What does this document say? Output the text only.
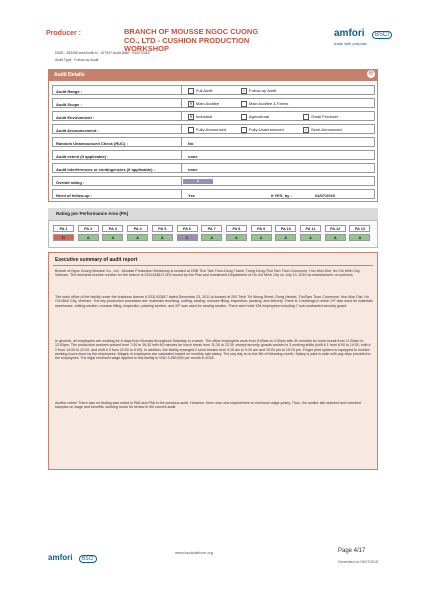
Producer :	BRANCH OF MOUSSE NGOC CUONG CO., LTD - CUSHION PRODUCTION WORKSHOP
amfori	BSCI
trade with purpose
DBID : 353266 and Audit Id : 107947 Audit Date : 04/07/2018
Audit Type : Follow-up Audit
Audit Details	⊕
Audit Range :	Full Audit	✓ Follow-up Audit
Audit Scope :	✕ Main Auditee	Main Auditee & Farms
Audit Environment :	✕ Industrial	Agricultural	Small Producer
Audit Announcement :	Fully-Announced	Fully-Unannounced	✓ Semi-Announced
Random Unannounced Check (RUC) :	No
Audit extent (if applicable) :	none
Audit interferences or contingencies (if applicable) :	none
Overall rating :	C
Need of follow-up :	Yes	If YES, by :	04/07/2019
Rating per Performance Area (PA)
PA 1
D
PA 2
A
PA 3
A
PA 4
A
PA 5
A
PA 6
C
PA 7
A
PA 8
A
PA 9
A
PA 10
A
PA 11
A
PA 12
A
PA 13
A
Executive summary of audit report
Branch of Ngoc Cuong Mousse Co., Ltd - Mousse Production Workshop is located at 2/5B Thoi Tam Thon-Dong Thanh, Trung Dong-Thoi Tam Thon Commune, Hoc Mon Dist, Ho Chi Minh City, Vietnam. The business license number for the branch is 0311433817-001 issued by the Plan and Investment Department of Ho Chi Minh City on July 13, 2015 as manufacturer of cushions.
The main office of the facility under the business license # 0311433817 dated December 23, 2011 is located at 200 Trinh Thi Mieng Street, Dong Hamlet, ThoiTam Thon Commune, Hoc Mon Dist, Ho Chi Minh City, Vietnam. The key production processes are: materials receiving, cutting, sewing, mousse filling, inspection, packing, and delivery. There is 1 buildings in which 1/F was used for materials warehouse, cutting section, mousse filling, inspection, packing section, and 2/F was used for sewing section. There were total 128 employees including 7 sub-contracted security guard.
In general, all employees are working for 6 days from Monday throughout Saturday in a week. The office employees work from 8:00am to 4:30pm with 30 minutes for lunch break from 11:30am to 12:00pm. The production workers worked from 7:30 to 16:30 with 60 minutes for lunch break from 11:30 to 12:30 ;except security guards worked in 3 working shifts (shift # 1 from 6:00 to 14:00, shift # 2 from 14:00 to 22:00, and shift # 3 from 22:00 to 6:00). In addition, the facility arranged 2 short breaks from 9:15 am to 9:30 am and 15:00 pm to 15:15 pm. Finger print system is equipped to monitor working hours done by the employees. Wages of employees are calculated based on monthly rate salary. The pay day is on the 5th of following month. Salary is paid in cash with pay slips provided to the employees. The legal minimum wage applied to this facility is VND 3,980,000 per month in 2018.
Auditor noted: There was no finding was noted in PA5 and PA6 in the previous audit. However, there was new requirement on minimum wage yearly. Thus, the auditor still selected and checked samples on wage and benefits, working hours for review in the current audit.
amfori BSCI
www.bsciplatform.org	Page 4/17
Generated on 09/07/2018
